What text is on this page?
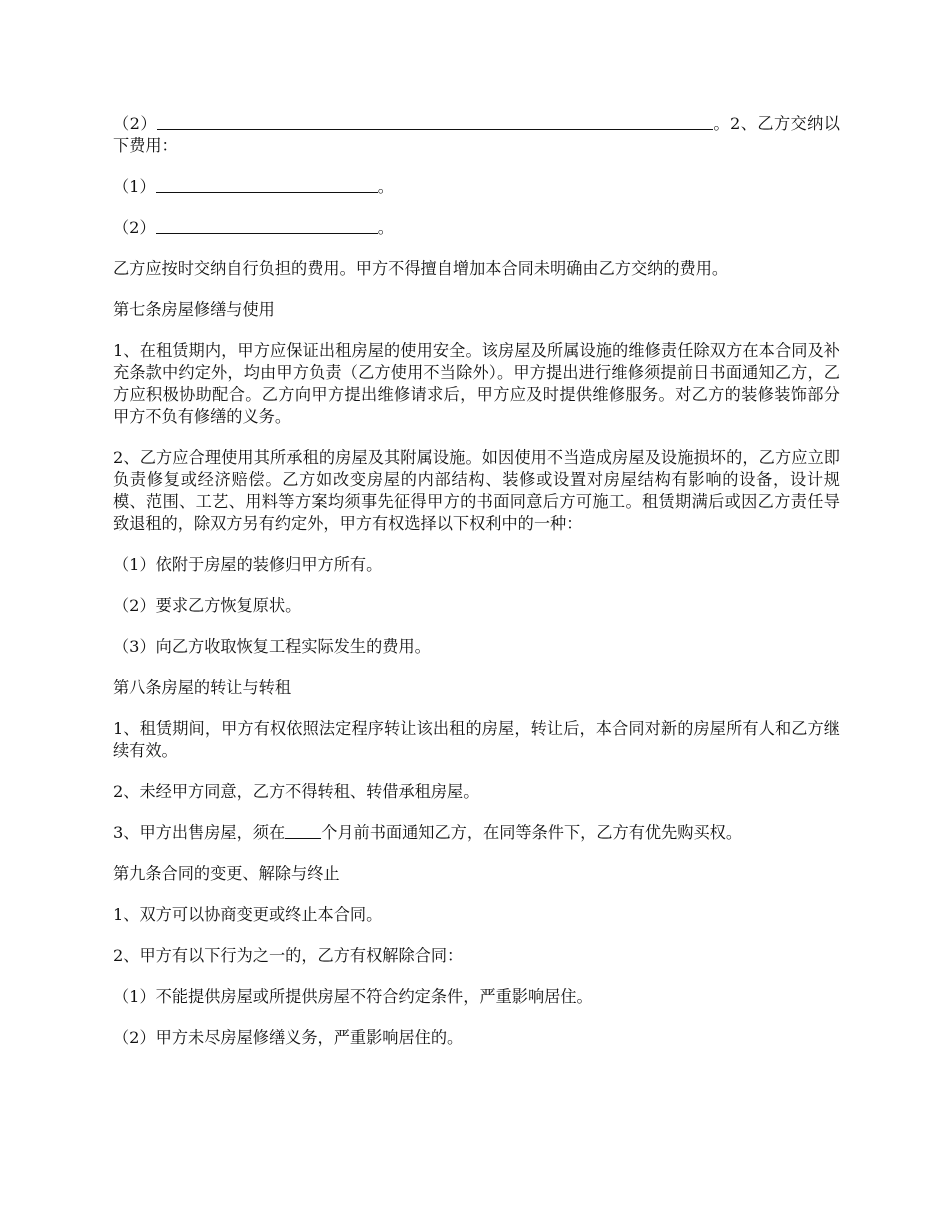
（2）	。2、乙方交纳以下费用：

（1）	。

（2）	。

乙方应按时交纳自行负担的费用。甲方不得擅自增加本合同未明确由乙方交纳的费用。

第七条房屋修缮与使用

1、在租赁期内，甲方应保证出租房屋的使用安全。该房屋及所属设施的维修责任除双方在本合同及补充条款中约定外，均由甲方负责（乙方使用不当除外）。甲方提出进行维修须提前日书面通知乙方，乙方应积极协助配合。乙方向甲方提出维修请求后，甲方应及时提供维修服务。对乙方的装修装饰部分甲方不负有修缮的义务。

2、乙方应合理使用其所承租的房屋及其附属设施。如因使用不当造成房屋及设施损坏的，乙方应立即负责修复或经济赔偿。乙方如改变房屋的内部结构、装修或设置对房屋结构有影响的设备，设计规模、范围、工艺、用料等方案均须事先征得甲方的书面同意后方可施工。租赁期满后或因乙方责任导致退租的，除双方另有约定外，甲方有权选择以下权利中的一种：

（1）依附于房屋的装修归甲方所有。

（2）要求乙方恢复原状。

（3）向乙方收取恢复工程实际发生的费用。

第八条房屋的转让与转租

1、租赁期间，甲方有权依照法定程序转让该出租的房屋，转让后，本合同对新的房屋所有人和乙方继续有效。

2、未经甲方同意，乙方不得转租、转借承租房屋。

3、甲方出售房屋，须在 个月前书面通知乙方，在同等条件下，乙方有优先购买权。

第九条合同的变更、解除与终止

1、双方可以协商变更或终止本合同。

2、甲方有以下行为之一的，乙方有权解除合同：

（1）不能提供房屋或所提供房屋不符合约定条件，严重影响居住。

（2）甲方未尽房屋修缮义务，严重影响居住的。
